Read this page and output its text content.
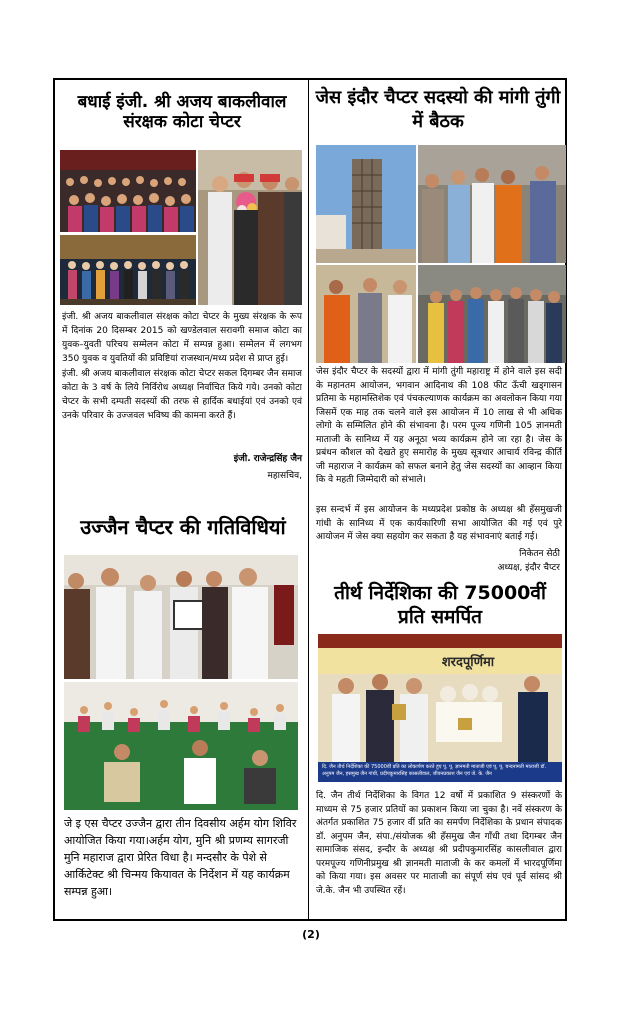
बधाई इंजी. श्री अजय बाकलीवाल संरक्षक कोटा चेप्टर
इंजी. श्री अजय बाकलीवाल संरक्षक कोटा चेप्टर के मुख्य संरक्षक के रूप में दिनांक 20 दिसम्बर 2015 को खण्डेलवाल सरावगी समाज कोटा का युवक–युवती परिचय सम्मेलन कोटा में सम्पन्न हुआ। सम्मेलन में लगभग 350 युवक व युवतियों की प्रविष्टियां राजस्थान/मध्य प्रदेश से प्राप्त हुई।
इंजी. श्री अजय बाकलीवाल संरक्षक कोटा चेप्टर सकल दिगम्बर जैन समाज कोटा के 3 वर्ष के लिये निर्विरोध अध्यक्ष निर्वाचित किये गये। उनको कोटा चेप्टर के सभी दम्पती सदस्यों की तरफ से हार्दिक बधाईयां एवं उनको एवं उनके परिवार के उज्जवल भविष्य की कामना करते हैं।
इंजी. राजेन्द्रसिंह जैन
महासचिव,
उज्जैन चैप्टर की गतिविधियां
जे इ एस चैप्टर उज्जैन द्वारा तीन दिवसीय अर्हम योग शिविर आयोजित किया गया।अर्हम योग, मुनि श्री प्रणम्य सागरजी मुनि महाराज द्वारा प्रेरित विधा है। मन्दसौर के पेशे से आर्किटेक्ट श्री चिन्मय कियावत के निर्देशन में यह कार्यक्रम सम्पन्न हुआ।
जेस इंदौर चैप्टर सदस्यो की मांगी तुंगी में बैठक
जेस इंदौर चैप्टर के सदस्यों द्वारा में मांगी तुंगी महाराष्ट्र में होने वाले इस सदी के महानतम आयोजन, भगवान आदिनाथ की 108 फीट ऊँची खड्गासन प्रतिमा के महामस्तिशेक एवं पंचकल्याणक कार्यक्रम का अवलोकन किया गया जिसमें एक माह तक चलने वाले इस आयोजन में 10 लाख से भी अधिक लोगो के सम्मिलित होने की संभावना है। परम पूज्य गणिनी 105 ज्ञानमती माताजी के सानिध्य में यह अनूठा भव्य कार्यक्रम होने जा रहा है। जेस के प्रबंधन कौशल को देखते हुए समारोह के मुख्य सूत्रधार आचार्य रविन्द्र कीर्ति जी महाराज ने कार्यक्रम को सफल बनाने हेतु जेस सदस्यों का आव्हान किया कि वे महती जिम्मेदारी को संभाले।
इस सन्दर्भ में इस आयोजन के मध्यप्रदेश प्रकोष्ठ के अध्यक्ष श्री हँसमुखजी गांधी के सानिध्य में एक कार्यकारिणी सभा आयोजित की गई एवं पुरे आयोजन में जेस क्या सहयोग कर सकता है यह संभावनाएं बताई गई।
निकेतन सेठी
अध्यक्ष, इंदौर चैप्टर
तीर्थ निर्देशिका की 75000वीं प्रति समर्पित
शरदपूर्णिमा
दि. जैन तीर्थ निर्देशिका की 75000वीं प्रति का लोकार्पण करते हुए पू. पू. ज्ञानमती माताजी एवं पू. पू. चन्दनामती माताजी डॉ. अनुपम जैन, हसमुख जैन गांधी, प्रदीपकुमारसिंह कासलीवाल, जीवनप्रकाश जैन एवं जे. के. जैन
दि. जैन तीर्थ निर्देशिका के विगत 12 वर्षो में प्रकाशित 9 संस्करणों के माध्यम से 75 हजार प्रतियों का प्रकाशन किया जा चुका है। नवें संस्करण के अंतर्गत प्रकाशित 75 हजार वीं प्रति का समर्पण निर्देशिका के प्रधान संपादक डॉ. अनुपम जैन, संपा./संयोजक श्री हँसमुख जैन गाँधी तथा दिगम्बर जैन सामाजिक संसद, इन्दौर के अध्यक्ष श्री प्रदीपकुमारसिंह कासलीवाल द्वारा परमपूज्य गणिनीप्रमुख श्री ज्ञानमती माताजी के कर कमलों में भारदपूर्णिमा को किया गया। इस अवसर पर माताजी का संपूर्ण संघ एवं पूर्व सांसद श्री जे.के. जैन भी उपस्थित रहें।
(2)
